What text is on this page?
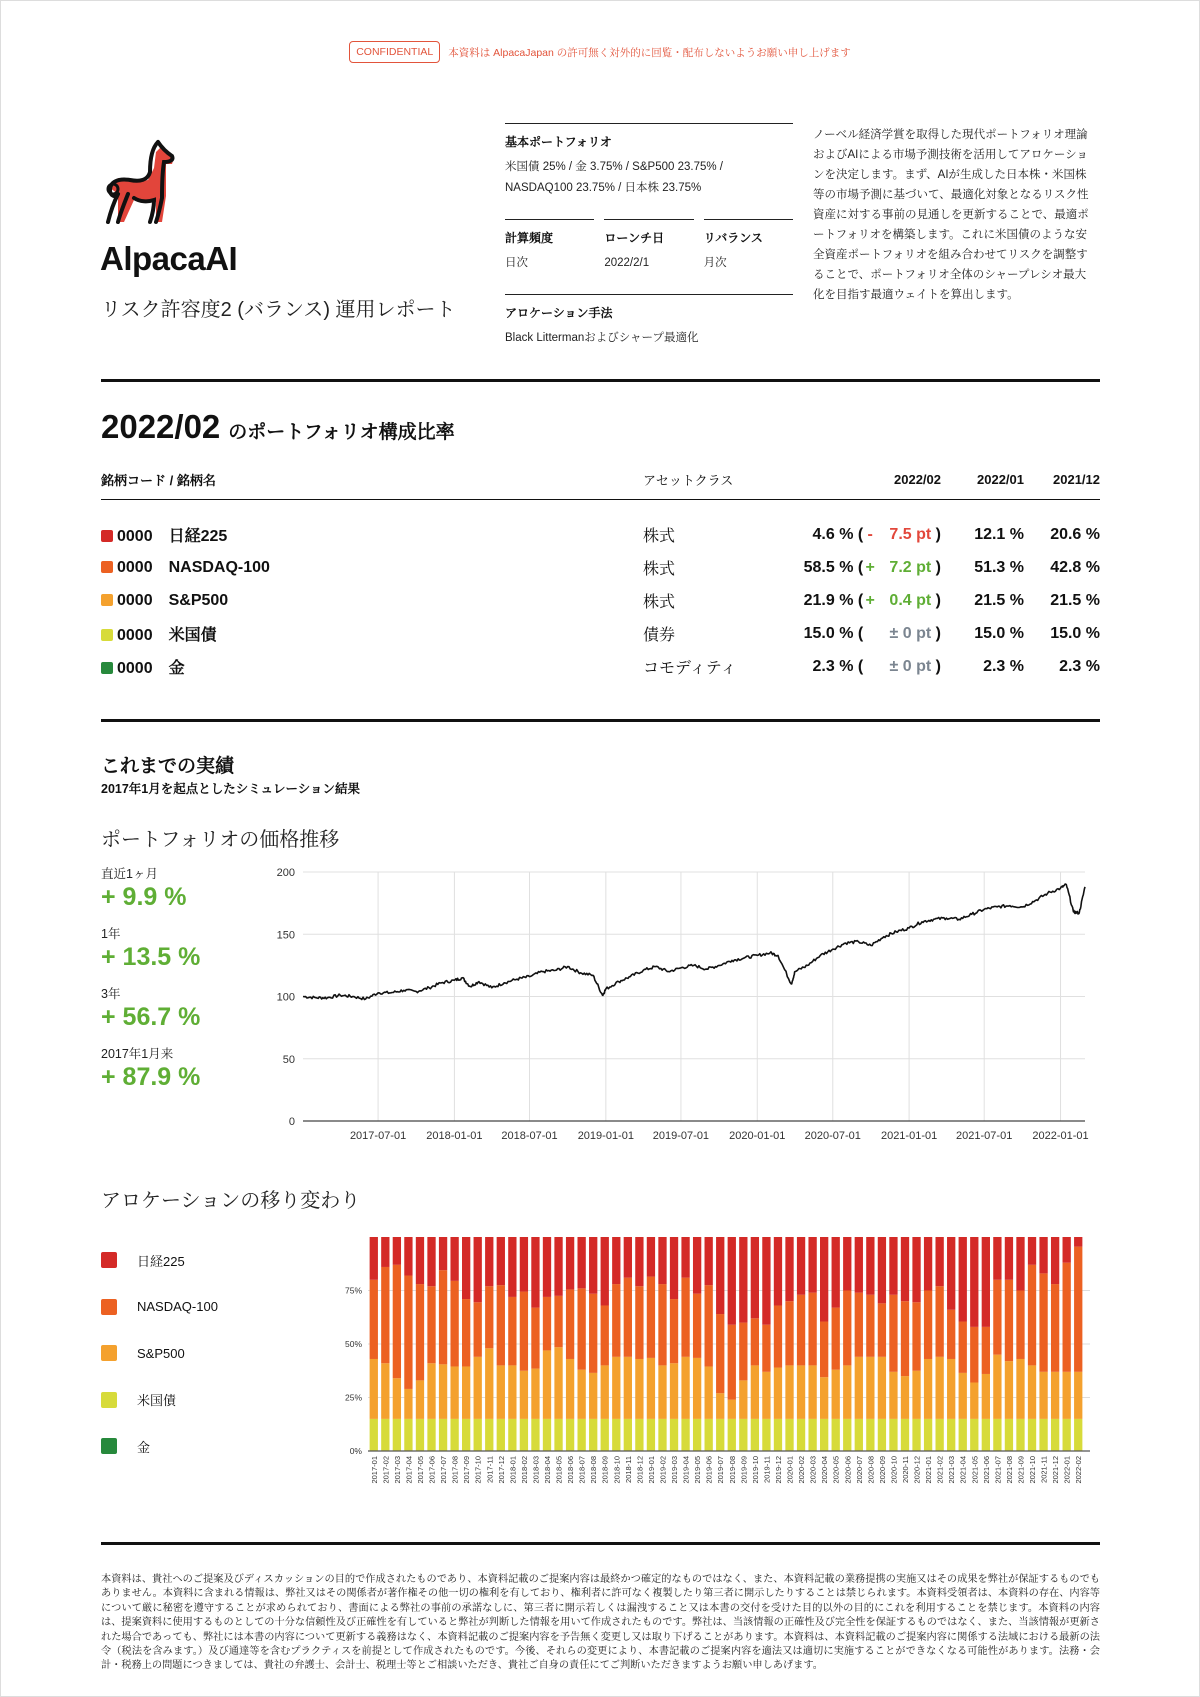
CONFIDENTIAL	本資料は AlpacaJapan の許可無く対外的に回覧・配布しないようお願い申し上げます
AlpacaAI
リスク許容度2 (バランス) 運用レポート
基本ポートフォリオ
米国債 25% / 金 3.75% / S&P500 23.75% /
NASDAQ100 23.75% / 日本株 23.75%
計算頻度
日次
ローンチ日
2022/2/1
リバランス
月次
アロケーション手法
Black Littermanおよびシャープ最適化
ノーベル経済学賞を取得した現代ポートフォリオ理論およびAIによる市場予測技術を活用してアロケーションを決定します。まず、AIが生成した日本株・米国株等の市場予測に基づいて、最適化対象となるリスク性資産に対する事前の見通しを更新することで、最適ポートフォリオを構築します。これに米国債のような安全資産ポートフォリオを組み合わせてリスクを調整することで、ポートフォリオ全体のシャープレシオ最大化を目指す最適ウェイトを算出します。
2022/02 のポートフォリオ構成比率
銘柄コード / 銘柄名	アセットクラス	2022/02	2022/01	2021/12
0000 日経225	株式	4.6 % ( - 7.5 pt )	12.1 %	20.6 %
0000 NASDAQ-100	株式	58.5 % ( + 7.2 pt )	51.3 %	42.8 %
0000 S&P500	株式	21.9 % ( + 0.4 pt )	21.5 %	21.5 %
0000 米国債	債券	15.0 % ( ± 0 pt )	15.0 %	15.0 %
0000 金	コモディティ	2.3 % ( ± 0 pt )	2.3 %	2.3 %
これまでの実績
2017年1月を起点としたシミュレーション結果
ポートフォリオの価格推移
直近1ヶ月
+ 9.9 %
1年
+ 13.5 %
3年
+ 56.7 %
2017年1月来
+ 87.9 %
0
50
100
150
200
2017-07-01 2018-01-01 2018-07-01 2019-01-01 2019-07-01 2020-01-01 2020-07-01 2021-01-01 2021-07-01 2022-01-01
アロケーションの移り変わり
日経225
NASDAQ-100
S&P500
米国債
金	0%
25%
50%
75%
2017-01 2017-02 2017-03 2017-04 2017-05 2017-06 2017-07 2017-08 2017-09 2017-10 2017-11 2017-12 2018-01 2018-02 2018-03 2018-04 2018-05 2018-06 2018-07 2018-08 2018-09 2018-10 2018-11 2018-12 2019-01 2019-02 2019-03 2019-04 2019-05 2019-06 2019-07 2019-08 2019-09 2019-10 2019-11 2019-12 2020-01 2020-02 2020-03 2020-04 2020-05 2020-06 2020-07 2020-08 2020-09 2020-10 2020-11 2020-12 2021-01 2021-02 2021-03 2021-04 2021-05 2021-06 2021-07 2021-08 2021-09 2021-10 2021-11 2021-12 2022-01 2022-02
本資料は、貴社へのご提案及びディスカッションの目的で作成されたものであり、本資料記載のご提案内容は最終かつ確定的なものではなく、また、本資料記載の業務提携の実施又はその成果を弊社が保証するものでもありません。本資料に含まれる情報は、弊社又はその関係者が著作権その他一切の権利を有しており、権利者に許可なく複製したり第三者に開示したりすることは禁じられます。本資料受領者は、本資料の存在、内容等について厳に秘密を遵守することが求められており、書面による弊社の事前の承諾なしに、第三者に開示若しくは漏洩すること又は本書の交付を受けた目的以外の目的にこれを利用することを禁じます。本資料の内容は、提案資料に使用するものとしての十分な信頼性及び正確性を有していると弊社が判断した情報を用いて作成されたものです。弊社は、当該情報の正確性及び完全性を保証するものではなく、また、当該情報が更新された場合であっても、弊社には本書の内容について更新する義務はなく、本資料記載のご提案内容を予告無く変更し又は取り下げることがあります。本資料は、本資料記載のご提案内容に関係する法域における最新の法令（税法を含みます。）及び通達等を含むプラクティスを前提として作成されたものです。今後、それらの変更により、本書記載のご提案内容を適法又は適切に実施することができなくなる可能性があります。法務・会計・税務上の問題につきましては、貴社の弁護士、会計士、税理士等とご相談いただき、貴社ご自身の責任にてご判断いただきますようお願い申しあげます。
